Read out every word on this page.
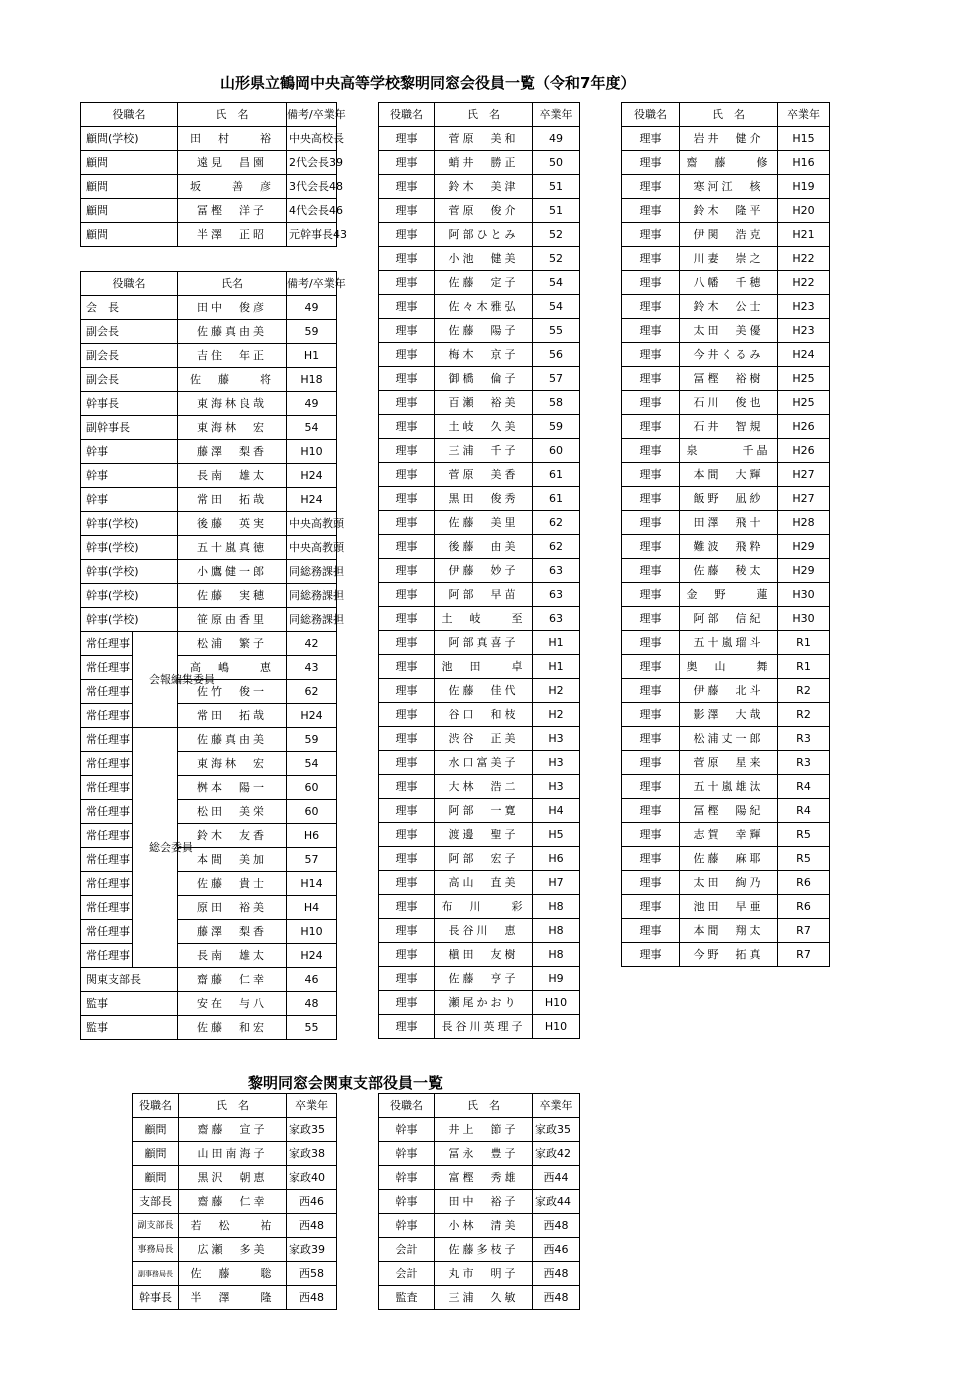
山形県立鶴岡中央高等学校黎明同窓会役員一覧（令和7年度）
役職名	氏　名	備考/卒業年
顧問(学校)	田　村　　裕	中央高校長
顧問	遠見　昌園	2代会長39
顧問	坂　　善　彦	3代会長48
顧問	冨樫　洋子	4代会長46
顧問	半澤　正昭	元幹事長43
役職名		氏名	備考/卒業年
会　長		田中　俊彦	49
副会長		佐藤真由美	59
副会長		吉住　年正	H1
副会長		佐　藤　　将	H18
幹事長		東海林良哉	49
副幹事長		東海林　宏	54
幹事		藤澤　梨香	H10
幹事		長南　雄太	H24
幹事		常田　拓哉	H24
幹事(学校)		後藤　英実	中央高教頭
幹事(学校)		五十嵐真徳	中央高教頭
幹事(学校)		小鷹健一郎	同総務課担
幹事(学校)		佐藤　実穂	同総務課担
幹事(学校)		笹原由香里	同総務課担
常任理事	会報編集委員	松浦　繁子	42
常任理事		高　嶋　　恵	43
常任理事		佐竹　俊一	62
常任理事		常田　拓哉	H24
常任理事	総会委員	佐藤真由美	59
常任理事		東海林　宏	54
常任理事		桝本　陽一	60
常任理事		松田　美栄	60
常任理事		鈴木　友香	H6
常任理事		本間　美加	57
常任理事		佐藤　貴士	H14
常任理事		原田　裕美	H4
常任理事		藤澤　梨香	H10
常任理事		長南　雄太	H24
関東支部長		齋藤　仁幸	46
監事		安在　与八	48
監事		佐藤　和宏	55
役職名	氏　名	卒業年
理事	菅原　美和	49
理事	蛸井　勝正	50
理事	鈴木　美津	51
理事	菅原　俊介	51
理事	阿部ひとみ	52
理事	小池　健美	52
理事	佐藤　定子	54
理事	佐々木雅弘	54
理事	佐藤　陽子	55
理事	梅木　京子	56
理事	御橋　倫子	57
理事	百瀬　裕美	58
理事	土岐　久美	59
理事	三浦　千子	60
理事	菅原　美香	61
理事	黒田　俊秀	61
理事	佐藤　美里	62
理事	後藤　由美	62
理事	伊藤　妙子	63
理事	阿部　早苗	63
理事	土　岐　　至	63
理事	阿部真喜子	H1
理事	池　田　　卓	H1
理事	佐藤　佳代	H2
理事	谷口　和枝	H2
理事	渋谷　正美	H3
理事	水口富美子	H3
理事	大林　浩二	H3
理事	阿部　一寛	H4
理事	渡邊　聖子	H5
理事	阿部　宏子	H6
理事	高山　直美	H7
理事	布　川　　彩	H8
理事	長谷川　恵	H8
理事	槇田　友樹	H8
理事	佐藤　亨子	H9
理事	瀬尾かおり	H10
理事	長谷川英理子	H10
役職名	氏　名	卒業年
理事	岩井　健介	H15
理事	齋　藤　　修	H16
理事	寒河江　核	H19
理事	鈴木　隆平	H20
理事	伊関　浩克	H21
理事	川妻　崇之	H22
理事	八幡　千穂	H22
理事	鈴木　公士	H23
理事	太田　美優	H23
理事	今井くるみ	H24
理事	冨樫　裕樹	H25
理事	石川　俊也	H25
理事	石井　智規	H26
理事	泉　　　千晶	H26
理事	本間　大輝	H27
理事	飯野　凪紗	H27
理事	田澤　飛十	H28
理事	難波　飛粋	H29
理事	佐藤　稜太	H29
理事	金　野　　蓮	H30
理事	阿部　信紀	H30
理事	五十嵐瑠斗	R1
理事	奥　山　　舞	R1
理事	伊藤　北斗	R2
理事	影澤　大哉	R2
理事	松浦丈一郎	R3
理事	菅原　星来	R3
理事	五十嵐雄汰	R4
理事	冨樫　陽紀	R4
理事	志賀　幸輝	R5
理事	佐藤　麻耶	R5
理事	太田　絢乃	R6
理事	池田　早亜	R6
理事	本間　翔太	R7
理事	今野　拓真	R7
黎明同窓会関東支部役員一覧
役職名	氏　名	卒業年
顧問	齋藤　宣子	家政35
顧問	山田南海子	家政38
顧問	黒沢　朝恵	家政40
支部長	齋藤　仁幸	西46
副支部長	若　松　　祐	西48
事務局長	広瀬　多美	家政39
副事務局長	佐　藤　　聡	西58
幹事長	半　澤　　隆	西48
役職名	氏　名	卒業年
幹事	井上　節子	家政35
幹事	冨永　豊子	家政42
幹事	富樫　秀雄	西44
幹事	田中　裕子	家政44
幹事	小林　清美	西48
会計	佐藤多枝子	西46
会計	丸市　明子	西48
監査	三浦　久敏	西48
